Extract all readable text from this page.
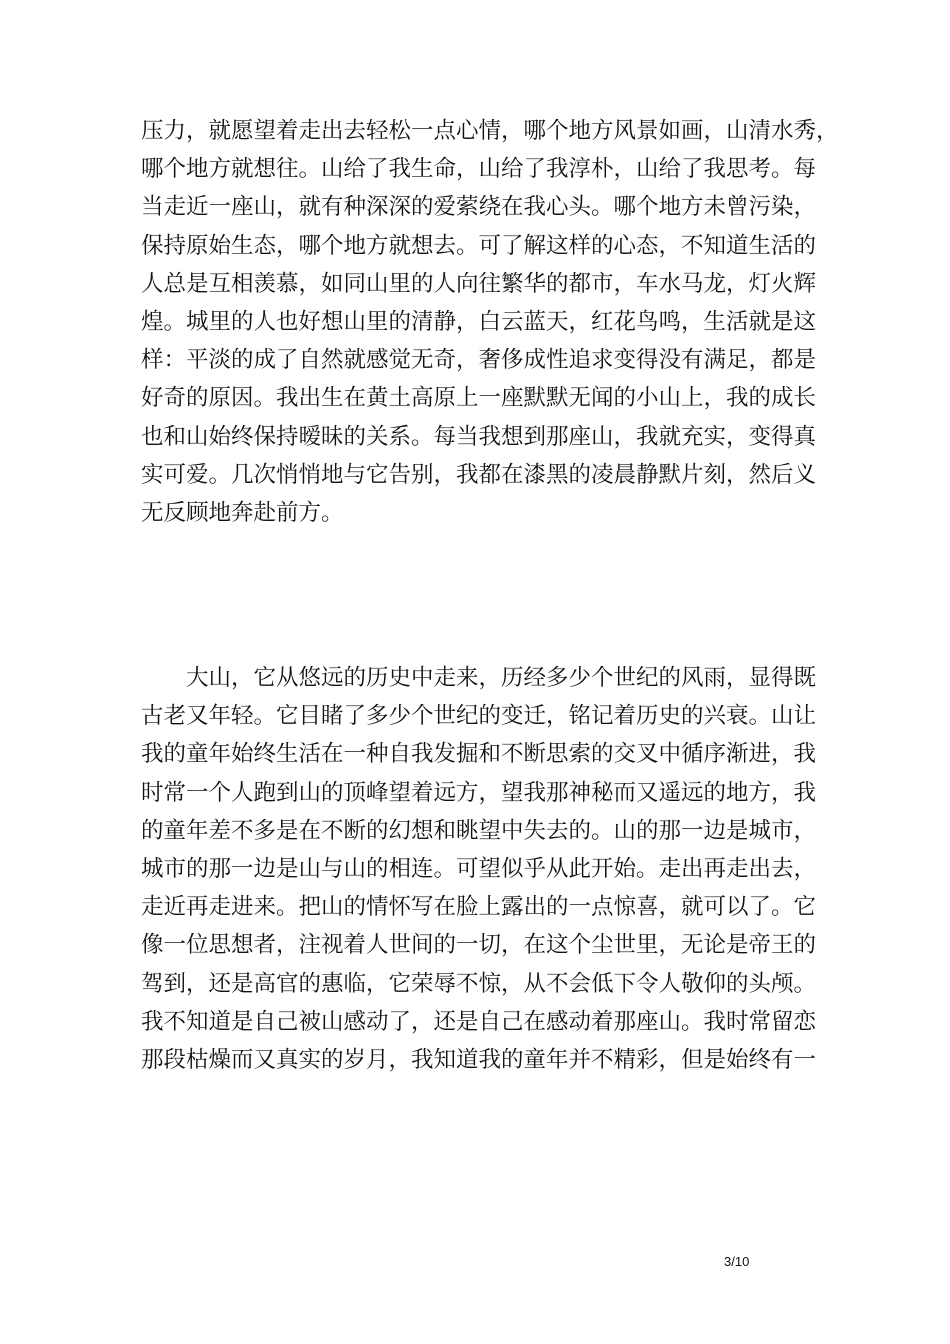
压力，就愿望着走出去轻松一点心情，哪个地方风景如画，山清水秀，
哪个地方就想往。山给了我生命，山给了我淳朴，山给了我思考。每
当走近一座山，就有种深深的爱萦绕在我心头。哪个地方未曾污染，
保持原始生态，哪个地方就想去。可了解这样的心态，不知道生活的
人总是互相羡慕，如同山里的人向往繁华的都市，车水马龙，灯火辉
煌。城里的人也好想山里的清静，白云蓝天，红花鸟鸣，生活就是这
样：平淡的成了自然就感觉无奇，奢侈成性追求变得没有满足，都是
好奇的原因。我出生在黄土高原上一座默默无闻的小山上，我的成长
也和山始终保持暧昧的关系。每当我想到那座山，我就充实，变得真
实可爱。几次悄悄地与它告别，我都在漆黑的凌晨静默片刻，然后义
无反顾地奔赴前方。
　　大山，它从悠远的历史中走来，历经多少个世纪的风雨，显得既
古老又年轻。它目睹了多少个世纪的变迁，铭记着历史的兴衰。山让
我的童年始终生活在一种自我发掘和不断思索的交叉中循序渐进，我
时常一个人跑到山的顶峰望着远方，望我那神秘而又遥远的地方，我
的童年差不多是在不断的幻想和眺望中失去的。山的那一边是城市，
城市的那一边是山与山的相连。可望似乎从此开始。走出再走出去，
走近再走进来。把山的情怀写在脸上露出的一点惊喜，就可以了。它
像一位思想者，注视着人世间的一切，在这个尘世里，无论是帝王的
驾到，还是高官的惠临，它荣辱不惊，从不会低下令人敬仰的头颅。
我不知道是自己被山感动了，还是自己在感动着那座山。我时常留恋
那段枯燥而又真实的岁月，我知道我的童年并不精彩，但是始终有一
3/10
